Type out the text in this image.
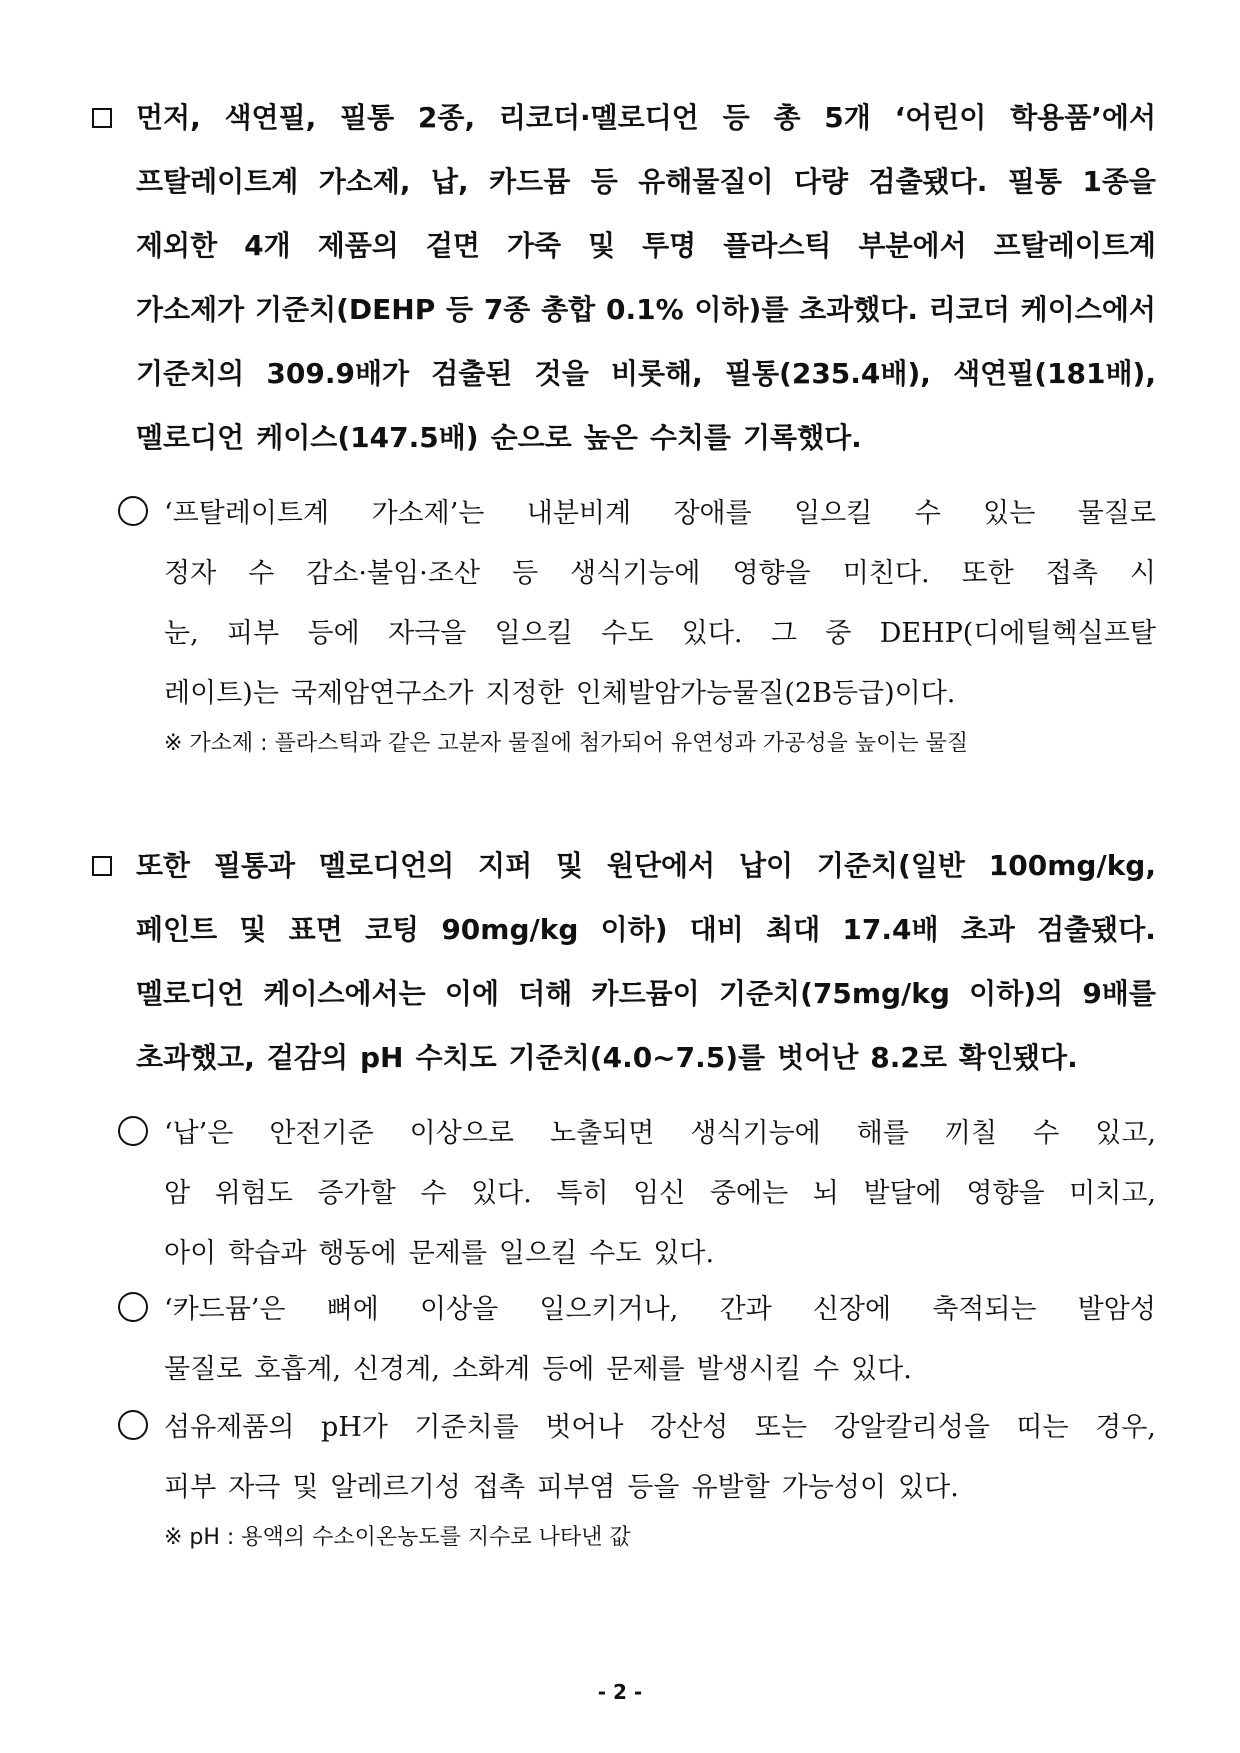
먼저, 색연필, 필통 2종, 리코더·멜로디언 등 총 5개 ‘어린이 학용품’에서
프탈레이트계 가소제, 납, 카드뮴 등 유해물질이 다량 검출됐다. 필통 1종을
제외한 4개 제품의 겉면 가죽 및 투명 플라스틱 부분에서 프탈레이트계
가소제가 기준치(DEHP 등 7종 총합 0.1% 이하)를 초과했다. 리코더 케이스에서
기준치의 309.9배가 검출된 것을 비롯해, 필통(235.4배), 색연필(181배),
멜로디언 케이스(147.5배) 순으로 높은 수치를 기록했다.
‘프탈레이트계 가소제’는 내분비계 장애를 일으킬 수 있는 물질로
정자 수 감소·불임·조산 등 생식기능에 영향을 미친다. 또한 접촉 시
눈, 피부 등에 자극을 일으킬 수도 있다. 그 중 DEHP(디에틸헥실프탈
레이트)는 국제암연구소가 지정한 인체발암가능물질(2B등급)이다.
※ 가소제 : 플라스틱과 같은 고분자 물질에 첨가되어 유연성과 가공성을 높이는 물질
또한 필통과 멜로디언의 지퍼 및 원단에서 납이 기준치(일반 100mg/kg,
페인트 및 표면 코팅 90mg/kg 이하) 대비 최대 17.4배 초과 검출됐다.
멜로디언 케이스에서는 이에 더해 카드뮴이 기준치(75mg/kg 이하)의 9배를
초과했고, 겉감의 pH 수치도 기준치(4.0~7.5)를 벗어난 8.2로 확인됐다.
‘납’은 안전기준 이상으로 노출되면 생식기능에 해를 끼칠 수 있고,
암 위험도 증가할 수 있다. 특히 임신 중에는 뇌 발달에 영향을 미치고,
아이 학습과 행동에 문제를 일으킬 수도 있다.
‘카드뮴’은 뼈에 이상을 일으키거나, 간과 신장에 축적되는 발암성
물질로 호흡계, 신경계, 소화계 등에 문제를 발생시킬 수 있다.
섬유제품의 pH가 기준치를 벗어나 강산성 또는 강알칼리성을 띠는 경우,
피부 자극 및 알레르기성 접촉 피부염 등을 유발할 가능성이 있다.
※ pH : 용액의 수소이온농도를 지수로 나타낸 값
- 2 -
